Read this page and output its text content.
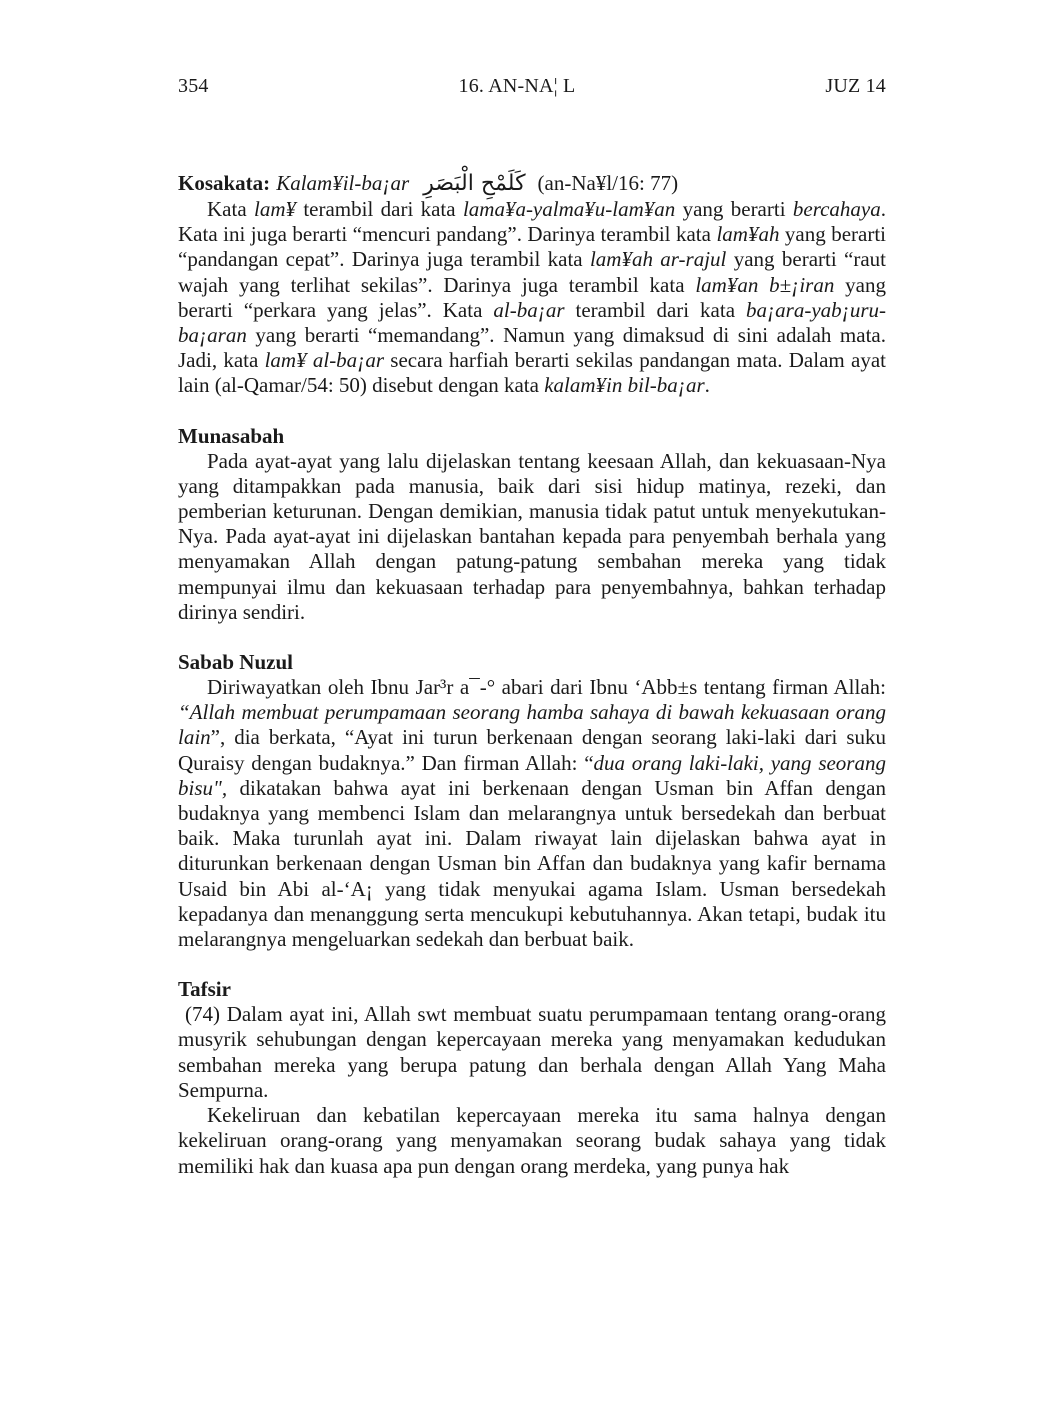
354	16. AN-NA¦ L	JUZ 14
Kosakata: Kalam¥il-ba¡ar كَلَمْحِ الْبَصَرِ (an-Na¥l/16: 77)

Kata lam¥ terambil dari kata lama¥a-yalma¥u-lam¥an yang berarti bercahaya. Kata ini juga berarti “mencuri pandang”. Darinya terambil kata lam¥ah yang berarti “pandangan cepat”. Darinya juga terambil kata lam¥ah ar-rajul yang berarti “raut wajah yang terlihat sekilas”. Darinya juga terambil kata lam¥an b±¡iran yang berarti “perkara yang jelas”. Kata al-ba¡ar terambil dari kata ba¡ara-yab¡uru-ba¡aran yang berarti “memandang”. Namun yang dimaksud di sini adalah mata. Jadi, kata lam¥ al-ba¡ar secara harfiah berarti sekilas pandangan mata. Dalam ayat lain (al-Qamar/54: 50) disebut dengan kata kalam¥in bil-ba¡ar.

Munasabah

Pada ayat-ayat yang lalu dijelaskan tentang keesaan Allah, dan kekuasaan-Nya yang ditampakkan pada manusia, baik dari sisi hidup matinya, rezeki, dan pemberian keturunan. Dengan demikian, manusia tidak patut untuk menyekutukan-Nya. Pada ayat-ayat ini dijelaskan bantahan kepada para penyembah berhala yang menyamakan Allah dengan patung-patung sembahan mereka yang tidak mempunyai ilmu dan kekuasaan terhadap para penyembahnya, bahkan terhadap dirinya sendiri.

Sabab Nuzul

Diriwayatkan oleh Ibnu Jar³r a¯-° abari dari Ibnu ‘Abb±s tentang firman Allah: “Allah membuat perumpamaan seorang hamba sahaya di bawah kekuasaan orang lain”, dia berkata, “Ayat ini turun berkenaan dengan seorang laki-laki dari suku Quraisy dengan budaknya.” Dan firman Allah: “dua orang laki-laki, yang seorang bisu", dikatakan bahwa ayat ini berkenaan dengan Usman bin Affan dengan budaknya yang membenci Islam dan melarangnya untuk bersedekah dan berbuat baik. Maka turunlah ayat ini. Dalam riwayat lain dijelaskan bahwa ayat in diturunkan berkenaan dengan Usman bin Affan dan budaknya yang kafir bernama Usaid bin Abi al-‘A¡ yang tidak menyukai agama Islam. Usman bersedekah kepadanya dan menanggung serta mencukupi kebutuhannya. Akan tetapi, budak itu melarangnya mengeluarkan sedekah dan berbuat baik.

Tafsir

(74) Dalam ayat ini, Allah swt membuat suatu perumpamaan tentang orang-orang musyrik sehubungan dengan kepercayaan mereka yang menyamakan kedudukan sembahan mereka yang berupa patung dan berhala dengan Allah Yang Maha Sempurna.

Kekeliruan dan kebatilan kepercayaan mereka itu sama halnya dengan kekeliruan orang-orang yang menyamakan seorang budak sahaya yang tidak memiliki hak dan kuasa apa pun dengan orang merdeka, yang punya hak
